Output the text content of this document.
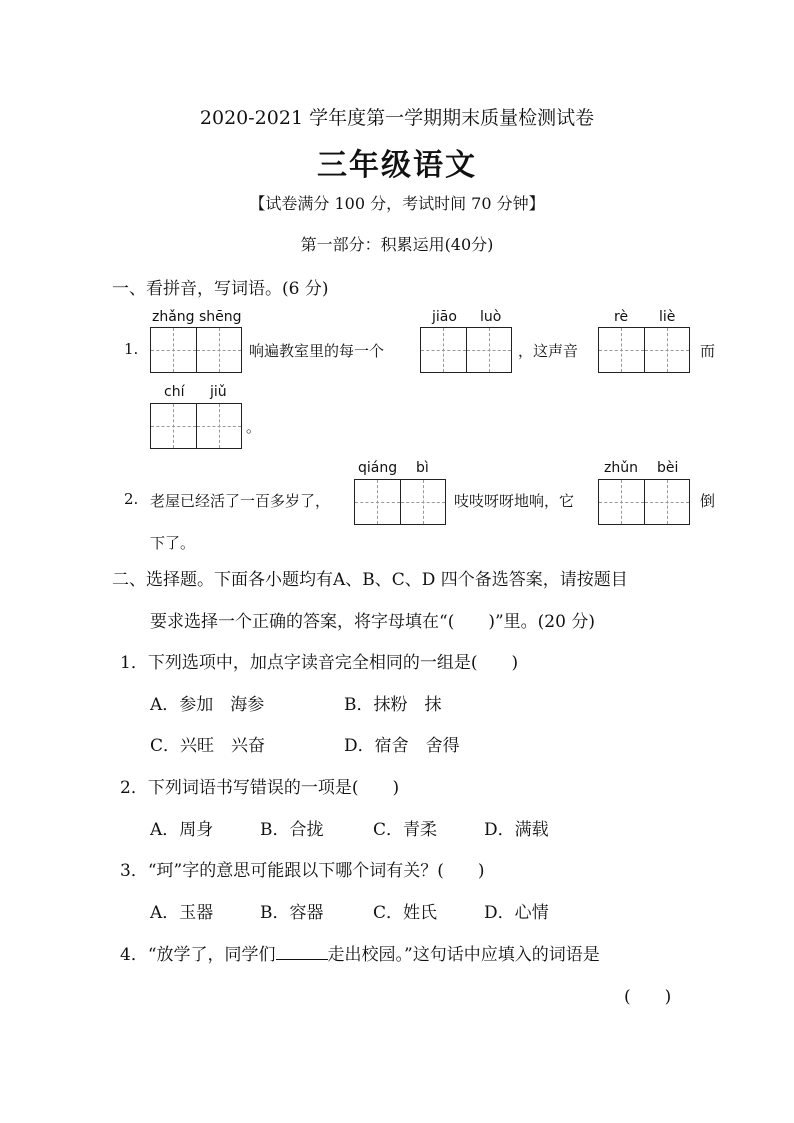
2020-2021 学年度第一学期期末质量检测试卷
三年级语文
【试卷满分 100 分，考试时间 70 分钟】
第一部分：积累运用(40分)
一、看拼音，写词语。(6 分)
zhǎng shēng	jiāo luò	rè liè
1.	响遍教室里的每一个	，这声音	而
chí jiǔ
。
qiáng bì	zhǔn bèi
2. 老屋已经活了一百多岁了，	吱吱呀呀地响，它	倒
下了。
二、选择题。下面各小题均有A、B、C、D 四个备选答案，请按题目
要求选择一个正确的答案，将字母填在“(　　)”里。(20 分)
1．下列选项中，加点字读音完全相同的一组是(　　)
A．参加　海参	B．抹粉　抹
C．兴旺　兴奋	D．宿舍　舍得
2．下列词语书写错误的一项是(　　)
A．周身	B．合拢	C．青柔	D．满载
3．“珂”字的意思可能跟以下哪个词有关？(　　)
A．玉器	B．容器	C．姓氏	D．心情
4．“放学了，同学们	走出校园。”这句话中应填入的词语是
(　　)
